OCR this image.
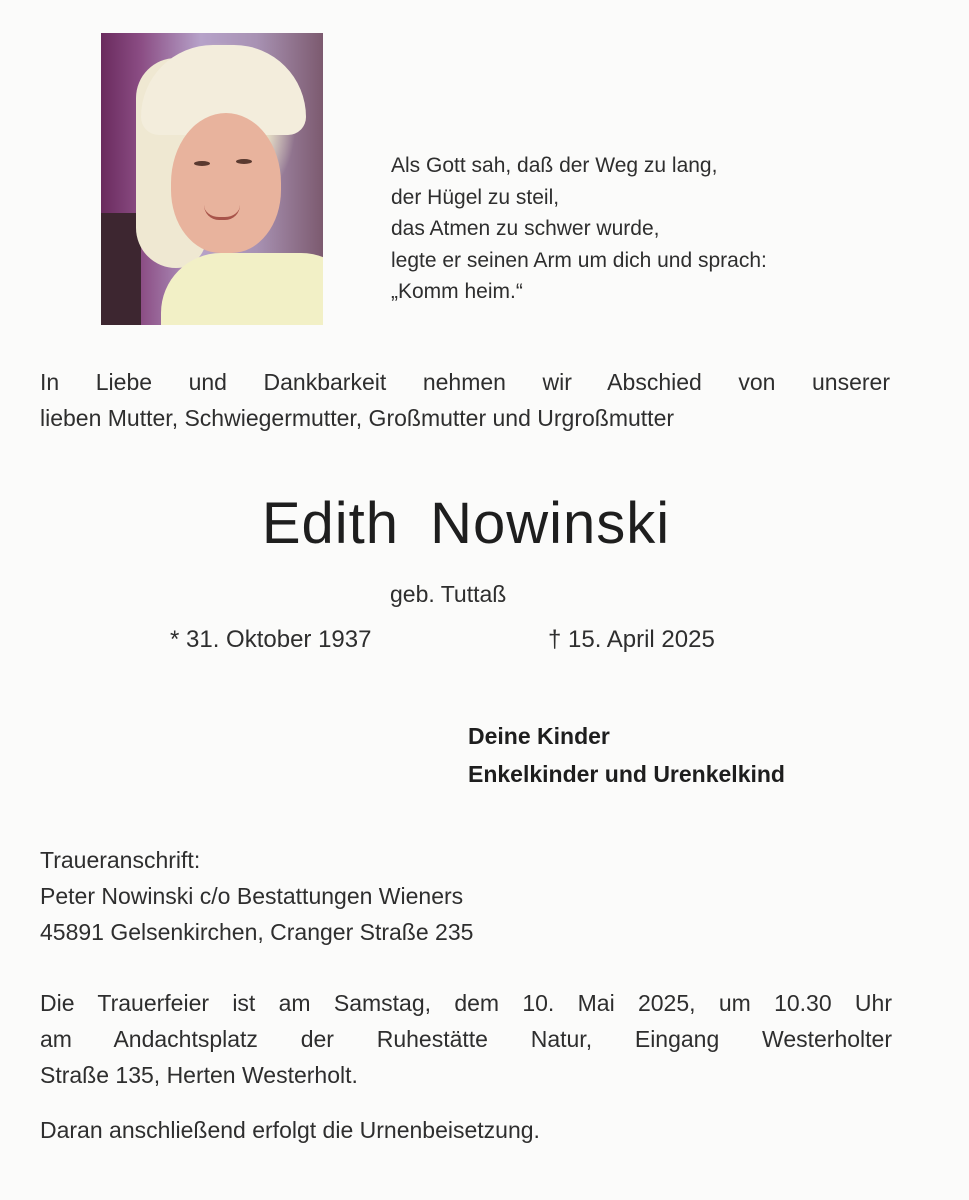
Als Gott sah, daß der Weg zu lang,
der Hügel zu steil,
das Atmen zu schwer wurde,
legte er seinen Arm um dich und sprach:
„Komm heim.“
In Liebe und Dankbarkeit nehmen wir Abschied von unserer
lieben Mutter, Schwiegermutter, Großmutter und Urgroßmutter
Edith Nowinski
geb. Tuttaß
* 31. Oktober 1937	† 15. April 2025
Deine Kinder
Enkelkinder und Urenkelkind
Traueranschrift:
Peter Nowinski c/o Bestattungen Wieners
45891 Gelsenkirchen, Cranger Straße 235
Die Trauerfeier ist am Samstag, dem 10. Mai 2025, um 10.30 Uhr
am Andachtsplatz der Ruhestätte Natur, Eingang Westerholter
Straße 135, Herten Westerholt.
Daran anschließend erfolgt die Urnenbeisetzung.
